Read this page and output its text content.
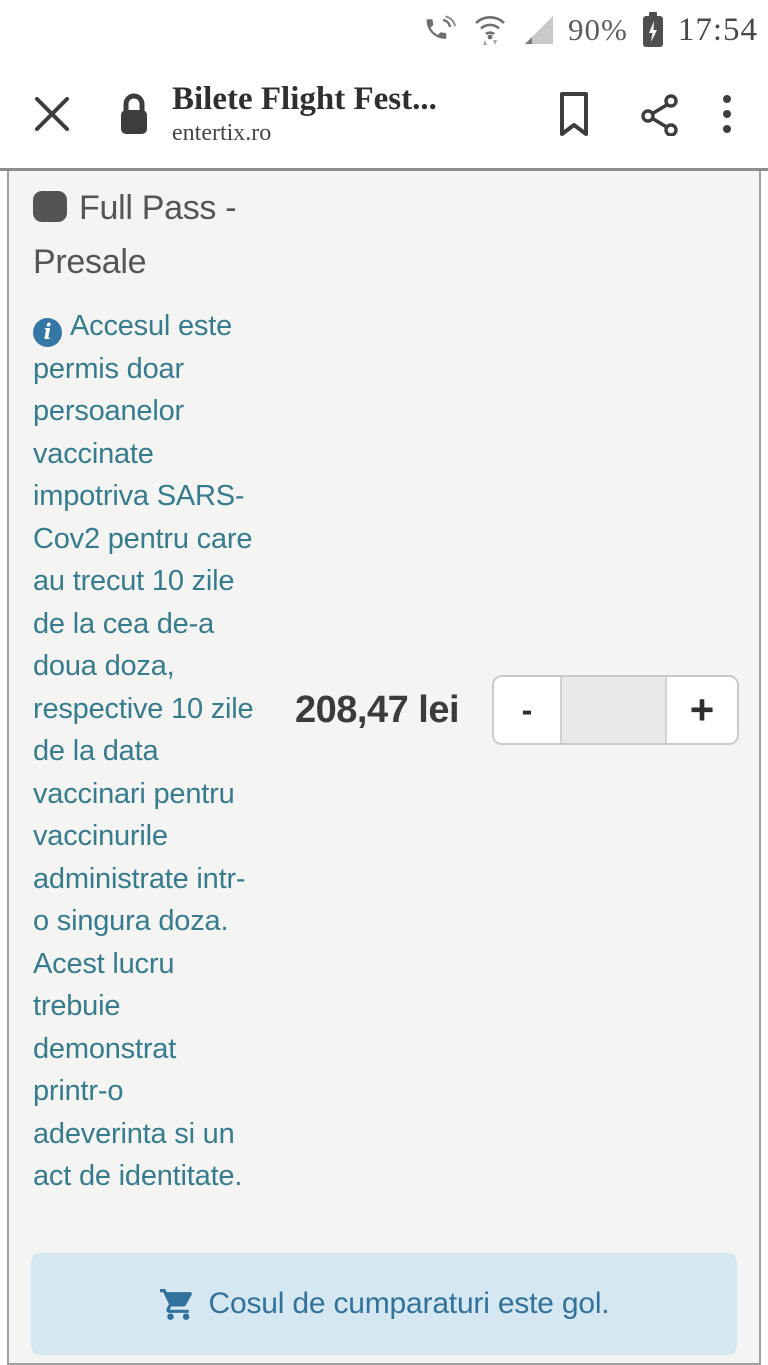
90% 17:54
Bilete Flight Fest...
entertix.ro
Full Pass - Presale

i Accesul este permis doar persoanelor vaccinate impotriva SARS-Cov2 pentru care au trecut 10 zile de la cea de-a doua doza, respective 10 zile de la data vaccinari pentru vaccinurile administrate intr-o singura doza. Acest lucru trebuie demonstrat printr-o adeverinta si un act de identitate.

208,47 lei	-	+
Cosul de cumparaturi este gol.
